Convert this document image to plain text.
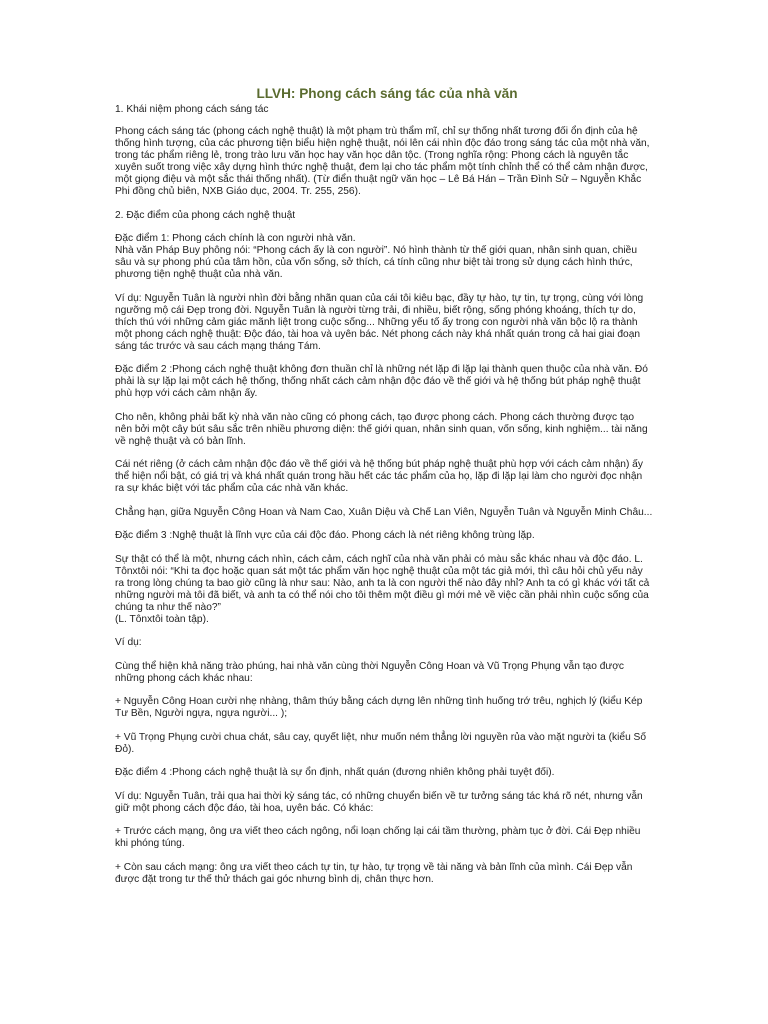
LLVH: Phong cách sáng tác của nhà văn
1. Khái niệm phong cách sáng tác
Phong cách sáng tác (phong cách nghệ thuật) là một phạm trù thẩm mĩ, chỉ sự thống nhất tương đối ổn định của hệ thống hình tượng, của các phương tiện biểu hiện nghệ thuật, nói lên cái nhìn độc đáo trong sáng tác của một nhà văn, trong tác phẩm riêng lẻ, trong trào lưu văn học hay văn học dân tộc. (Trong nghĩa rộng: Phong cách là nguyên tắc xuyên suốt trong việc xây dựng hình thức nghệ thuật, đem lại cho tác phẩm một tính chỉnh thể có thể cảm nhận được, một giọng điệu và một sắc thái thống nhất). (Từ điển thuật ngữ văn học – Lê Bá Hán – Trần Đình Sử – Nguyễn Khắc Phi đồng chủ biên, NXB Giáo dục, 2004. Tr. 255, 256).
2. Đặc điểm của phong cách nghệ thuật
Đặc điểm 1: Phong cách chính là con người nhà văn.
Nhà văn Pháp Buy phông nói: “Phong cách ấy là con người”. Nó hình thành từ thế giới quan, nhân sinh quan, chiều sâu và sự phong phú của tâm hồn, của vốn sống, sở thích, cá tính cũng như biệt tài trong sử dụng cách hình thức, phương tiện nghệ thuật của nhà văn.
Ví dụ: Nguyễn Tuân là người nhìn đời bằng nhãn quan của cái tôi kiêu bạc, đầy tự hào, tự tin, tự trọng, cùng với lòng ngưỡng mộ cái Đẹp trong đời. Nguyễn Tuân là người từng trải, đi nhiều, biết rộng, sống phóng khoáng, thích tự do, thích thú với những cảm giác mãnh liệt trong cuộc sống... Những yếu tố ấy trong con người nhà văn bộc lộ ra thành một phong cách nghệ thuật: Độc đáo, tài hoa và uyên bác. Nét phong cách này khá nhất quán trong cả hai giai đoạn sáng tác trước và sau cách mạng tháng Tám.
Đặc điểm 2 :Phong cách nghệ thuật không đơn thuần chỉ là những nét lặp đi lặp lại thành quen thuộc của nhà văn. Đó phải là sự lặp lại một cách hệ thống, thống nhất cách cảm nhận độc đáo về thế giới và hệ thống bút pháp nghệ thuật phù hợp với cách cảm nhận ấy.
Cho nên, không phải bất kỳ nhà văn nào cũng có phong cách, tạo được phong cách. Phong cách thường được tạo nên bởi một cây bút sâu sắc trên nhiều phương diện: thế giới quan, nhân sinh quan, vốn sống, kinh nghiệm... tài năng về nghệ thuật và có bản lĩnh.
Cái nét riêng (ở cách cảm nhận độc đáo về thế giới và hệ thống bút pháp nghệ thuật phù hợp với cách cảm nhận) ấy thể hiện nổi bật, có giá trị và khá nhất quán trong hầu hết các tác phẩm của họ, lặp đi lặp lại làm cho người đọc nhận ra sự khác biệt với tác phẩm của các nhà văn khác.
Chẳng hạn, giữa Nguyễn Công Hoan và Nam Cao, Xuân Diệu và Chế Lan Viên, Nguyễn Tuân và Nguyễn Minh Châu...
Đặc điểm 3 :Nghệ thuật là lĩnh vực của cái độc đáo. Phong cách là nét riêng không trùng lặp.
Sự thật có thể là một, nhưng cách nhìn, cách cảm, cách nghĩ của nhà văn phải có màu sắc khác nhau và độc đáo. L. Tônxtôi nói: “Khi ta đọc hoặc quan sát một tác phẩm văn học nghệ thuật của một tác giả mới, thì câu hỏi chủ yếu nảy ra trong lòng chúng ta bao giờ cũng là như sau: Nào, anh ta là con người thế nào đây nhỉ? Anh ta có gì khác với tất cả những người mà tôi đã biết, và anh ta có thể nói cho tôi thêm một điều gì mới mẻ về việc cần phải nhìn cuộc sống của chúng ta như thế nào?”
(L. Tônxtôi toàn tập).
Ví dụ:
Cùng thể hiện khả năng trào phúng, hai nhà văn cùng thời Nguyễn Công Hoan và Vũ Trọng Phụng vẫn tạo được những phong cách khác nhau:
+ Nguyễn Công Hoan cười nhẹ nhàng, thâm thúy bằng cách dựng lên những tình huống trớ trêu, nghịch lý (kiểu Kép Tư Bền, Người ngựa, ngựa người... );
+ Vũ Trọng Phụng cười chua chát, sâu cay, quyết liệt, như muốn ném thẳng lời nguyền rủa vào mặt người ta (kiểu Số Đỏ).
Đặc điểm 4 :Phong cách nghệ thuật là sự ổn định, nhất quán (đương nhiên không phải tuyệt đối).
Ví dụ: Nguyễn Tuân, trải qua hai thời kỳ sáng tác, có những chuyển biến về tư tưởng sáng tác khá rõ nét, nhưng vẫn giữ một phong cách độc đáo, tài hoa, uyên bác. Có khác:
+ Trước cách mạng, ông ưa viết theo cách ngông, nổi loạn chống lại cái tầm thường, phàm tục ở đời. Cái Đẹp nhiều khi phóng túng.
+ Còn sau cách mạng: ông ưa viết theo cách tự tin, tự hào, tự trọng về tài năng và bản lĩnh của mình. Cái Đẹp vẫn được đặt trong tư thế thử thách gai góc nhưng bình dị, chân thực hơn.
